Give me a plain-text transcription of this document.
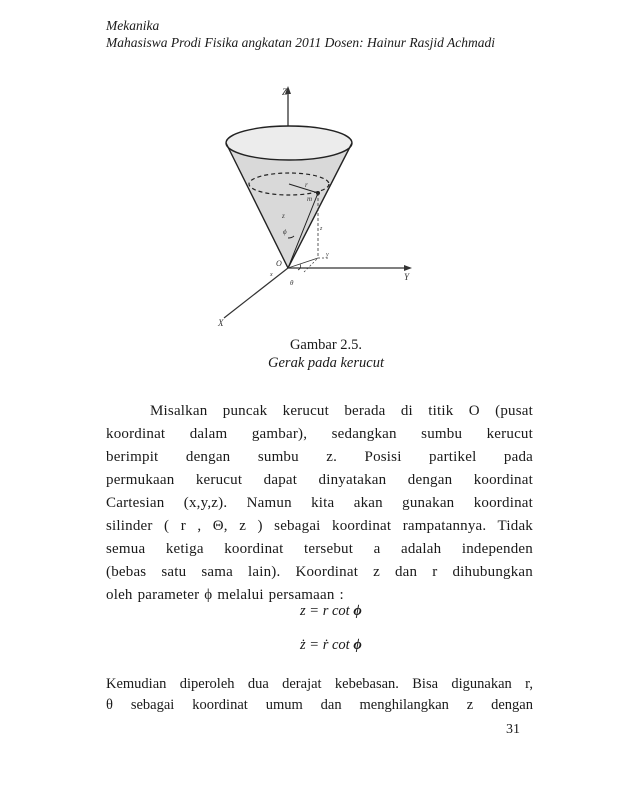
Mekanika
Mahasiswa Prodi Fisika angkatan 2011 Dosen: Hainur Rasjid Achmadi
Z
Y
X
r
m
ϕ
z
z
y
x
θ
O
Gambar 2.5.
Gerak pada kerucut
Misalkan puncak kerucut berada di titik O (pusat
koordinat dalam gambar), sedangkan sumbu kerucut
berimpit dengan sumbu z. Posisi partikel pada
permukaan kerucut dapat dinyatakan dengan koordinat
Cartesian (x,y,z). Namun kita akan gunakan koordinat
silinder ( r , Θ, z ) sebagai koordinat rampatannya. Tidak
semua ketiga koordinat tersebut a adalah independen
(bebas satu sama lain). Koordinat z dan r dihubungkan
oleh parameter ϕ melalui persamaan :
z = r cot ϕ
ż = ṙ cot ϕ
Kemudian diperoleh dua derajat kebebasan. Bisa digunakan r,
θ sebagai koordinat umum dan menghilangkan z dengan
31
